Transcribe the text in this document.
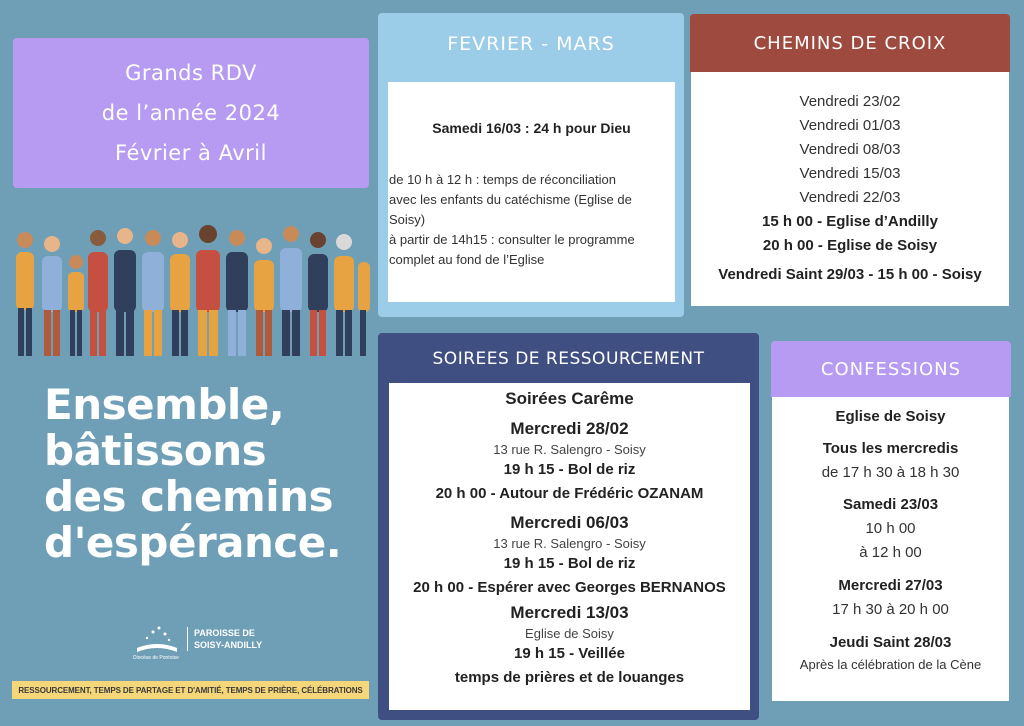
Grands RDV
de l’année 2024
Février à Avril
Ensemble,
bâtissons
des chemins
d'espérance.
PAROISSE DE
SOISY-ANDILLY
Diocèse de Pontoise
RESSOURCEMENT, TEMPS DE PARTAGE ET D'AMITIÉ, TEMPS DE PRIÈRE, CÉLÉBRATIONS
FEVRIER - MARS
Samedi 16/03 : 24 h pour Dieu
de 10 h à 12 h : temps de réconciliation
avec les enfants du catéchisme (Eglise de
Soisy)
à partir de 14h15 : consulter le programme
complet au fond de l’Eglise
CHEMINS DE CROIX
Vendredi 23/02
Vendredi 01/03
Vendredi 08/03
Vendredi 15/03
Vendredi 22/03
15 h 00 - Eglise d’Andilly
20 h 00 - Eglise de Soisy
Vendredi Saint 29/03 - 15 h 00 - Soisy
SOIREES DE RESSOURCEMENT
Soirées Carême
Mercredi 28/02
13 rue R. Salengro - Soisy
19 h 15 - Bol de riz
20 h 00 - Autour de Frédéric OZANAM
Mercredi 06/03
13 rue R. Salengro - Soisy
19 h 15 - Bol de riz
20 h 00 - Espérer avec Georges BERNANOS
Mercredi 13/03
Eglise de Soisy
19 h 15 - Veillée
temps de prières et de louanges
CONFESSIONS
Eglise de Soisy
Tous les mercredis
de 17 h 30 à 18 h 30
Samedi 23/03
10 h 00
à 12 h 00
Mercredi 27/03
17 h 30 à 20 h 00
Jeudi Saint 28/03
Après la célébration de la Cène
